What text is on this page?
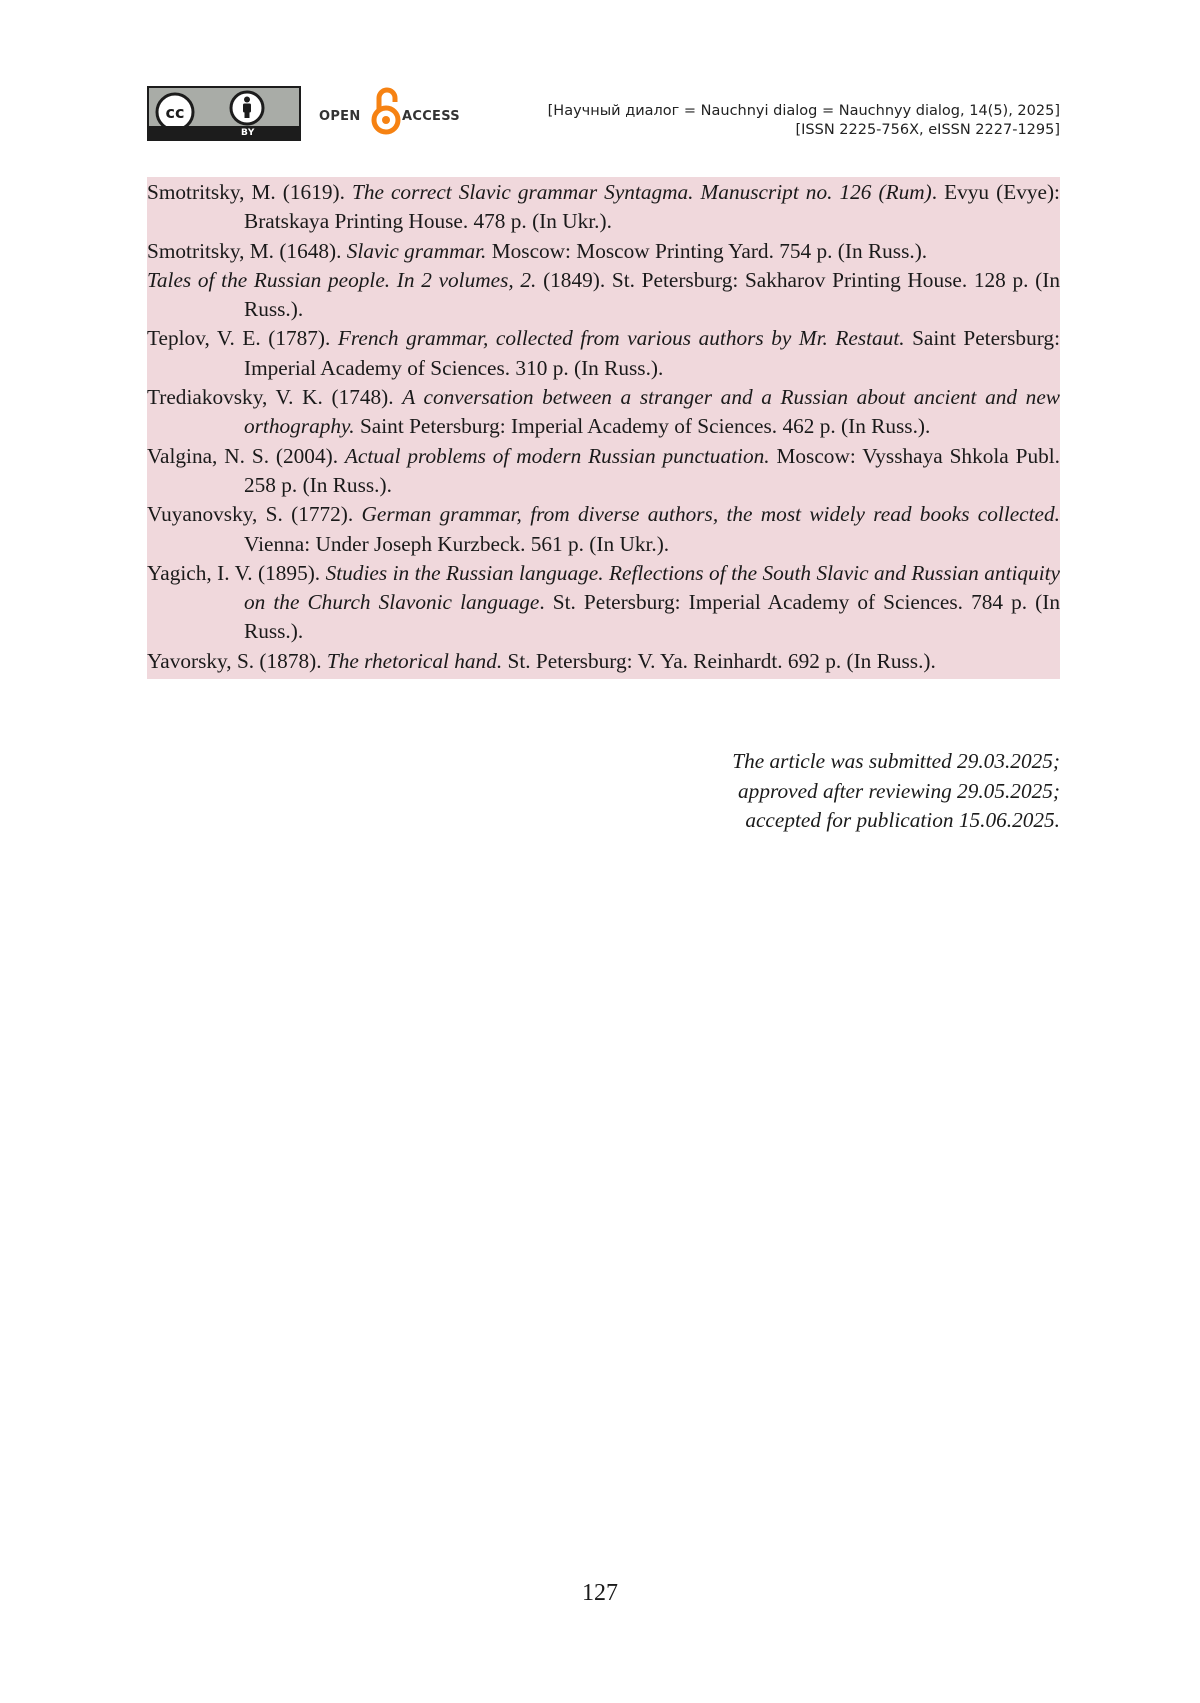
cc
BY
OPEN	ACCESS	[Научный диалог = Nauchnyi dialog = Nauchnyy dialog, 14(5), 2025]
[ISSN 2225-756X, eISSN 2227-1295]
Smotritsky, M. (1619). The correct Slavic grammar Syntagma. Manuscript no. 126 (Rum). Evyu (Evye): Bratskaya Printing House. 478 p. (In Ukr.).
Smotritsky, M. (1648). Slavic grammar. Moscow: Moscow Printing Yard. 754 p. (In Russ.).
Tales of the Russian people. In 2 volumes, 2. (1849). St. Petersburg: Sakharov Printing House. 128 p. (In Russ.).
Teplov, V. E. (1787). French grammar, collected from various authors by Mr. Restaut. Saint Petersburg: Imperial Academy of Sciences. 310 p. (In Russ.).
Trediakovsky, V. K. (1748). A conversation between a stranger and a Russian about ancient and new orthography. Saint Petersburg: Imperial Academy of Sciences. 462 p. (In Russ.).
Valgina, N. S. (2004). Actual problems of modern Russian punctuation. Moscow: Vysshaya Shkola Publ. 258 p. (In Russ.).
Vuyanovsky, S. (1772). German grammar, from diverse authors, the most widely read books collected. Vienna: Under Joseph Kurzbeck. 561 p. (In Ukr.).
Yagich, I. V. (1895). Studies in the Russian language. Reflections of the South Slavic and Russian antiquity on the Church Slavonic language. St. Petersburg: Imperial Academy of Sciences. 784 p. (In Russ.).
Yavorsky, S. (1878). The rhetorical hand. St. Petersburg: V. Ya. Reinhardt. 692 p. (In Russ.).
The article was submitted 29.03.2025;
approved after reviewing 29.05.2025;
accepted for publication 15.06.2025.
127
